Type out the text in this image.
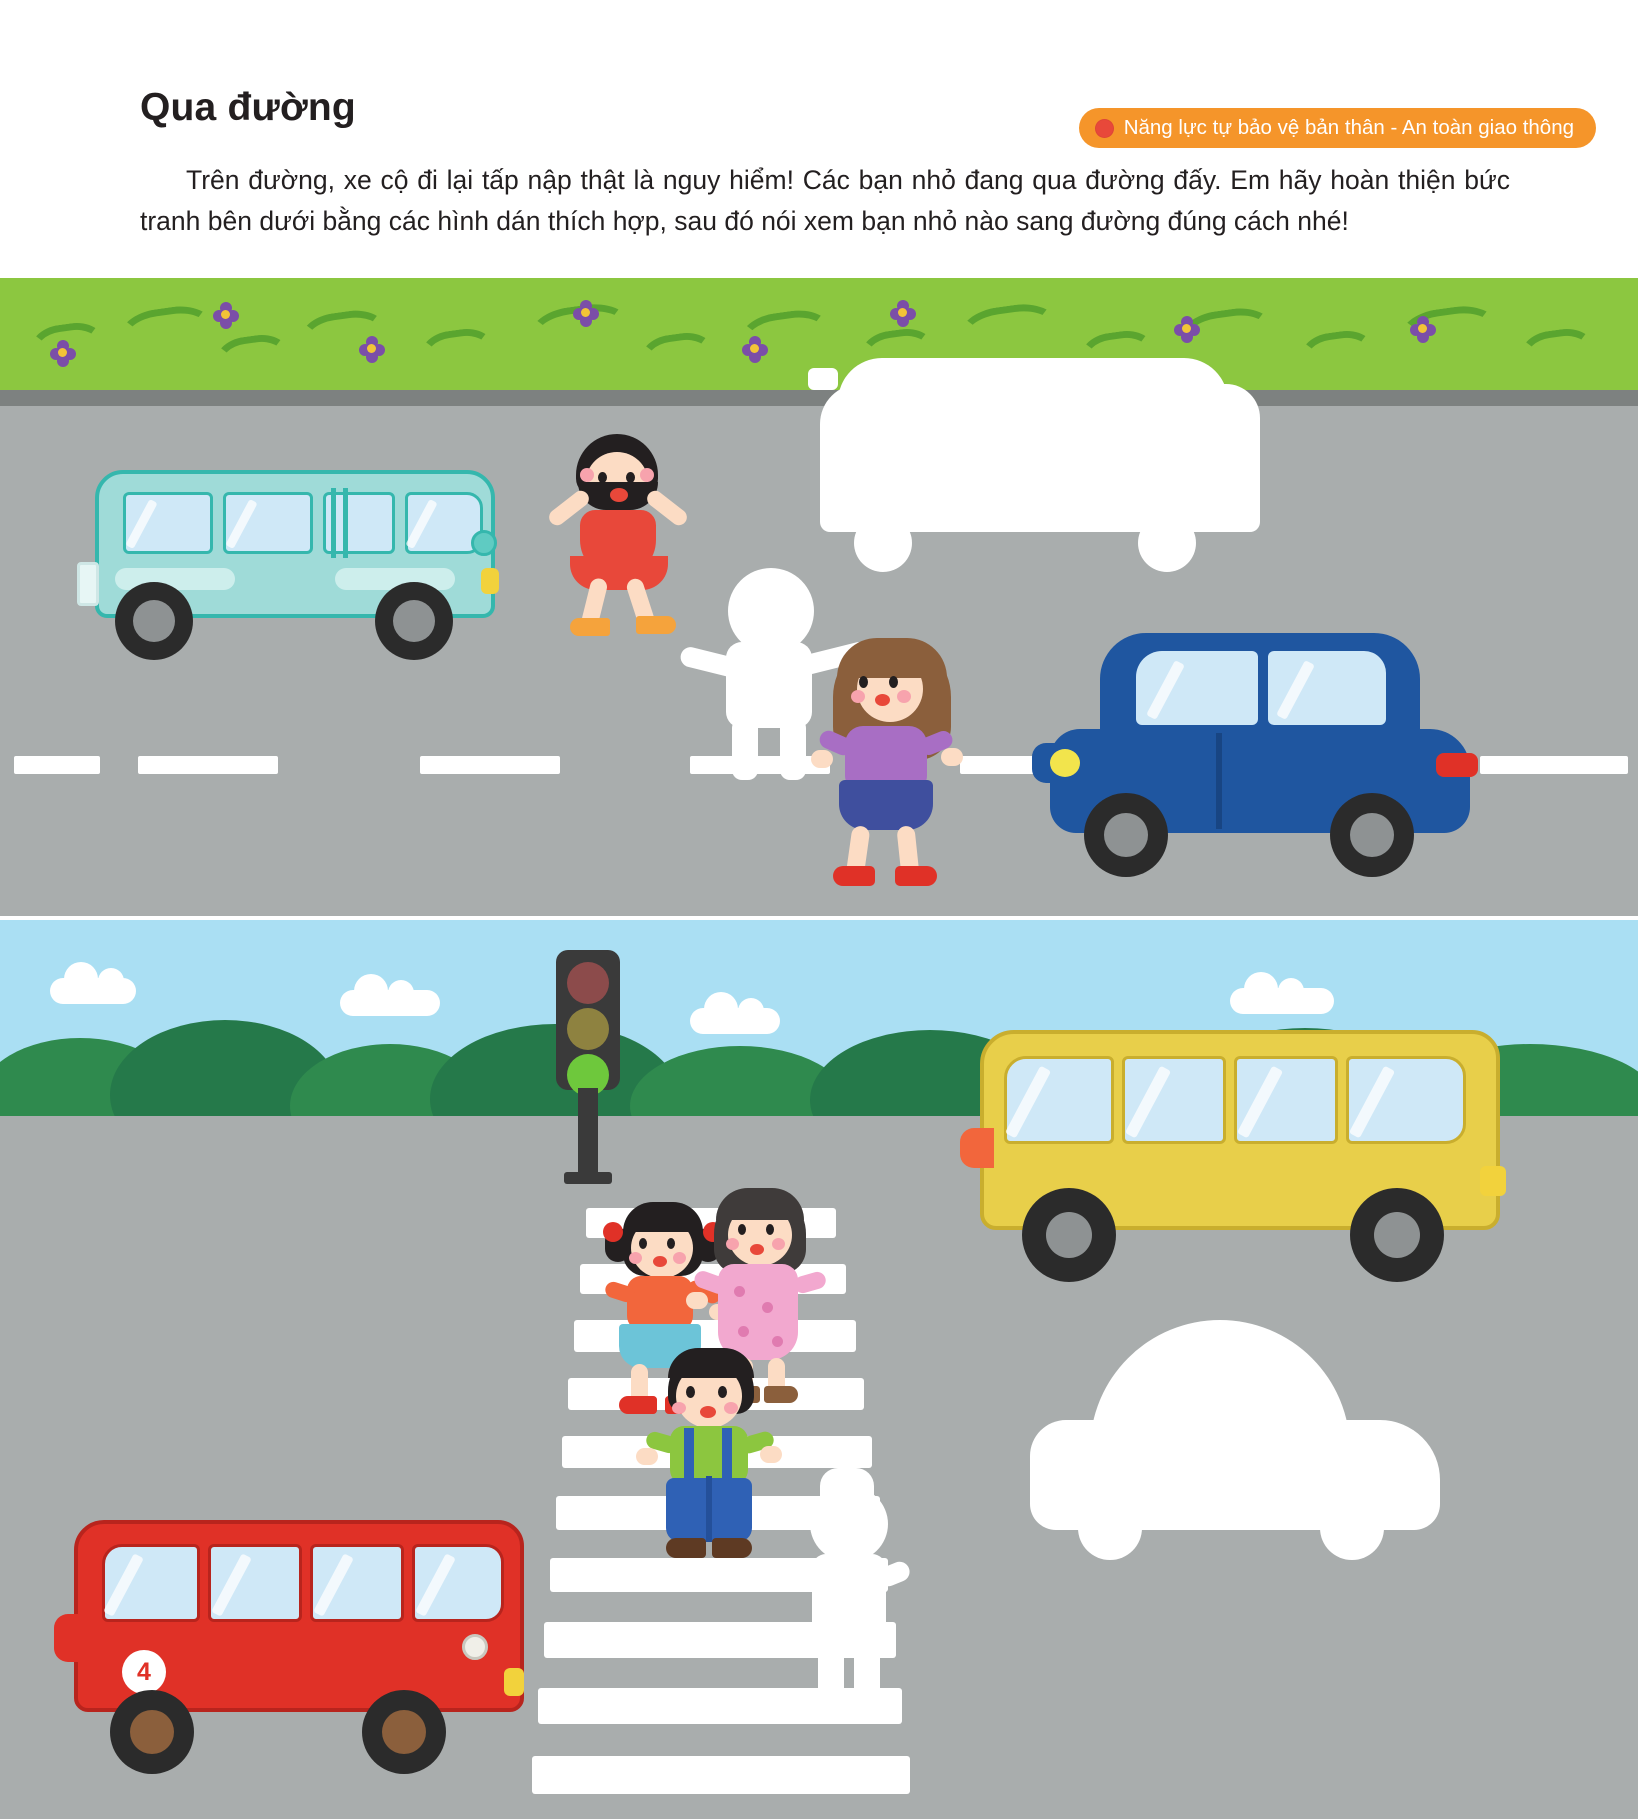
Qua đường	Năng lực tự bảo vệ bản thân - An toàn giao thông
Trên đường, xe cộ đi lại tấp nập thật là nguy hiểm! Các bạn nhỏ đang qua đường đấy. Em hãy hoàn thiện bức tranh bên dưới bằng các hình dán thích hợp, sau đó nói xem bạn nhỏ nào sang đường đúng cách nhé!
4
